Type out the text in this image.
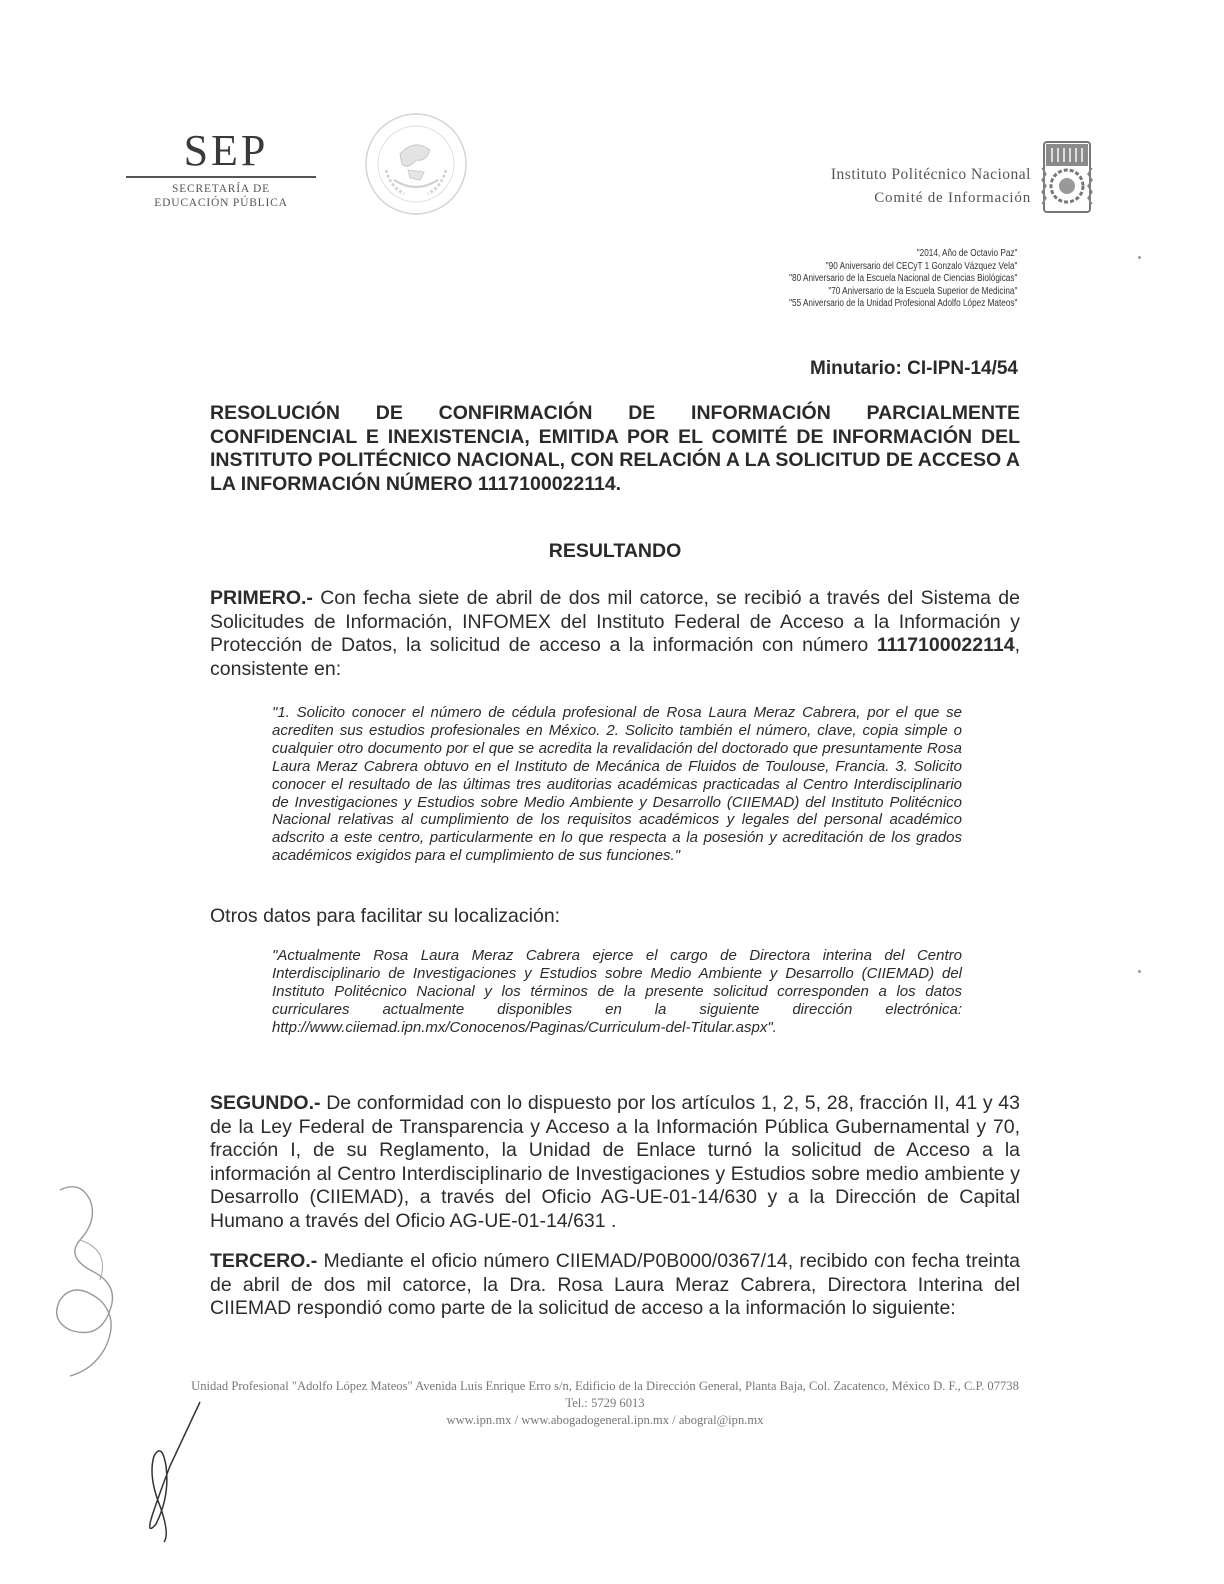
SEP
SECRETARÍA DE
EDUCACIÓN PÚBLICA
Instituto Politécnico Nacional
Comité de Información
"2014, Año de Octavio Paz"
"90 Aniversario del CECyT 1 Gonzalo Vázquez Vela"
"80 Aniversario de la Escuela Nacional de Ciencias Biológicas"
"70 Aniversario de la Escuela Superior de Medicina"
"55 Aniversario de la Unidad Profesional Adolfo López Mateos"
Minutario: CI-IPN-14/54
RESOLUCIÓN DE CONFIRMACIÓN DE INFORMACIÓN PARCIALMENTE CONFIDENCIAL E INEXISTENCIA, EMITIDA POR EL COMITÉ DE INFORMACIÓN DEL INSTITUTO POLITÉCNICO NACIONAL, CON RELACIÓN A LA SOLICITUD DE ACCESO A LA INFORMACIÓN NÚMERO 1117100022114.
RESULTANDO
PRIMERO.- Con fecha siete de abril de dos mil catorce, se recibió a través del Sistema de Solicitudes de Información, INFOMEX del Instituto Federal de Acceso a la Información y Protección de Datos, la solicitud de acceso a la información con número 1117100022114, consistente en:
"1. Solicito conocer el número de cédula profesional de Rosa Laura Meraz Cabrera, por el que se acrediten sus estudios profesionales en México. 2. Solicito también el número, clave, copia simple o cualquier otro documento por el que se acredita la revalidación del doctorado que presuntamente Rosa Laura Meraz Cabrera obtuvo en el Instituto de Mecánica de Fluidos de Toulouse, Francia. 3. Solicito conocer el resultado de las últimas tres auditorias académicas practicadas al Centro Interdisciplinario de Investigaciones y Estudios sobre Medio Ambiente y Desarrollo (CIIEMAD) del Instituto Politécnico Nacional relativas al cumplimiento de los requisitos académicos y legales del personal académico adscrito a este centro, particularmente en lo que respecta a la posesión y acreditación de los grados académicos exigidos para el cumplimiento de sus funciones."
Otros datos para facilitar su localización:
"Actualmente Rosa Laura Meraz Cabrera ejerce el cargo de Directora interina del Centro Interdisciplinario de Investigaciones y Estudios sobre Medio Ambiente y Desarrollo (CIIEMAD) del Instituto Politécnico Nacional y los términos de la presente solicitud corresponden a los datos curriculares actualmente disponibles en la siguiente dirección electrónica: http://www.ciiemad.ipn.mx/Conocenos/Paginas/Curriculum-del-Titular.aspx".
SEGUNDO.- De conformidad con lo dispuesto por los artículos 1, 2, 5, 28, fracción II, 41 y 43 de la Ley Federal de Transparencia y Acceso a la Información Pública Gubernamental y 70, fracción I, de su Reglamento, la Unidad de Enlace turnó la solicitud de Acceso a la información al Centro Interdisciplinario de Investigaciones y Estudios sobre medio ambiente y Desarrollo (CIIEMAD), a través del Oficio AG-UE-01-14/630 y a la Dirección de Capital Humano a través del Oficio AG-UE-01-14/631 .
TERCERO.- Mediante el oficio número CIIEMAD/P0B000/0367/14, recibido con fecha treinta de abril de dos mil catorce, la Dra. Rosa Laura Meraz Cabrera, Directora Interina del CIIEMAD respondió como parte de la solicitud de acceso a la información lo siguiente:
Unidad Profesional "Adolfo López Mateos" Avenida Luis Enrique Erro s/n, Edificio de la Dirección General, Planta Baja, Col. Zacatenco, México D. F., C.P. 07738
Tel.: 5729 6013
www.ipn.mx / www.abogadogeneral.ipn.mx / abogral@ipn.mx
